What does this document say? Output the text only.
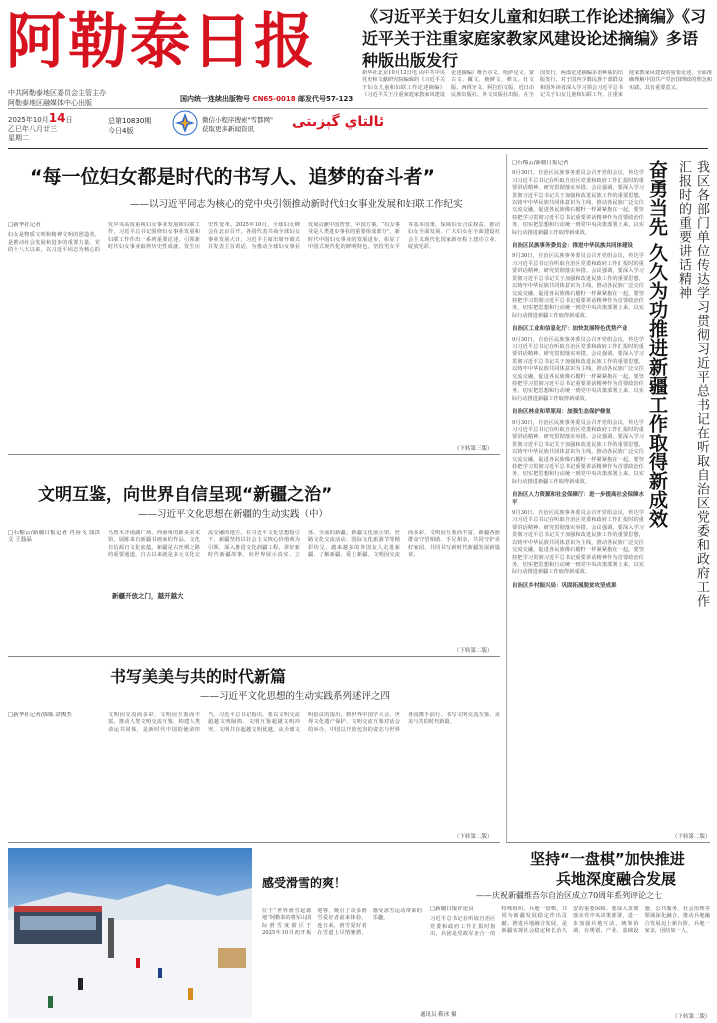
阿勒泰日报
中共阿勒泰地区委员会主管主办
阿勒泰地区融媒体中心出版	国内统一连续出版物号 CN65-0018 邮发代号57-123
2025年10月14日
乙巳年八月廿三
星期二
总第10830期
今日4版
微信小程序搜索"雪都网"
获取更多新闻资讯	ئالتاي گېزىتى
《习近平关于妇女儿童和妇联工作论述摘编》《习近平关于注重家庭家教家风建设论述摘编》多语种版出版发行
新华社北京10月12日电 由中共中央党史和文献研究院编辑的《习近平关于妇女儿童和妇联工作论述摘编》《习近平关于注重家庭家教家风建设论述摘编》维吾尔文、哈萨克文、蒙古文、藏文、朝鲜文、彝文、壮文版，西班牙文、阿拉伯文版，近日由民族出版社、外文出版社出版，在全国发行。两部论述摘编多语种版的出版发行，对于国内少数民族干部群众和国外读者深入学习领会习近平总书记关于妇女儿童和妇联工作、注重家庭家教家风建设的重要论述，全面准确理解中国共产党治国理政的理念和实践，具有重要意义。
“每一位妇女都是时代的书写人、追梦的奋斗者”
——以习近平同志为核心的党中央引领推动新时代妇女事业发展和妇联工作纪实
□新华社记者
妇女是物质文明和精神文明的创造者，是推动社会发展和进步的重要力量。党的十八大以来，以习近平同志为核心的党中央高度重视妇女事业发展和妇联工作，习近平总书记围绕妇女事业发展和妇联工作作出一系列重要论述，引领新时代妇女事业取得历史性成就、发生历史性变革。2025年10月，全球妇女峰会在北京召开，各国代表共商全球妇女事业发展大计，习近平主席出席开幕式并发表主旨讲话，为推动全球妇女事业发展贡献中国智慧、中国方案。“妇女事业是人类进步事业的重要组成部分”，新时代中国妇女事业的发展进步，彰显了中国式现代化的鲜明特色。坚持男女平等基本国策，保障妇女合法权益，推动妇女全面发展，广大妇女在全面建设社会主义现代化国家新征程上建功立业、绽放光彩。
（下转第三版）
文明互鉴，向世界自信呈现“新疆之治”
——习近平文化思想在新疆的生动实践（中）
□石榴云/新疆日报记者 肖春飞 钱洪文 王磊晶
乌鲁木齐南湖广场，西南角的新美美术馆，展陈来自新疆书画家的作品。文化自信源自文化底蕴。新疆是古丝绸之路的重要通道，自古以来就是多元文化交流交融的地方。在习近平文化思想指引下，新疆坚持以社会主义核心价值观为引领，深入推进文化润疆工程，讲好新时代新疆故事，向世界展示真实、立体、全面的新疆。新疆文化展示馆、丝路文化交流活动、国际文化旅游节等精彩纷呈，越来越多的外国友人走进新疆、了解新疆、爱上新疆。文明因交流而多彩，文明因互鉴而丰富。新疆各族群众守望相助、手足相亲，共同守护美好家园，共同书写新时代新疆发展新篇章。
新疆开放之门，越开越大
（下转第二版）
书写美美与共的时代新篇
——习近平文化思想的生动实践系列述评之四
□新华社记者/那威 余俊杰	文明因交流而多彩，文明因互鉴而丰富。推动人类文明交流互鉴，构建人类命运共同体，是新时代中国的使命担当。习近平总书记指出，要以文明交流超越文明隔阂、文明互鉴超越文明冲突、文明共存超越文明优越。从全球文明倡议的提出，到世界中国学大会、世界文化遗产保护、文明交流互鉴对话会的举办，中国以开放包容的姿态与世界各国携手前行，书写文明交流互鉴、美美与共的时代新篇。
（下转第二版）
感受滑雪的爽！
位于“世界滑雪起源地”阿勒泰的将军山国际滑雪度假区于2025年10月初开板迎客，吸引了众多滑雪爱好者前来体验。连日来，滑雪爱好者在雪道上尽情驰骋，感受冰雪运动带来的乐趣。
通讯员 靳冰 摄
□石榴云/新疆日报记者
9月30日，自治区民族事务委员会召开党组会议，传达学习习近平总书记在听取自治区党委和政府工作汇报时的重要讲话精神，研究贯彻落实举措。会议强调，要深入学习贯彻习近平总书记关于加强和改进民族工作的重要思想，以铸牢中华民族共同体意识为主线，推动各民族广泛交往交流交融，促进各民族像石榴籽一样紧紧抱在一起。要坚持把学习贯彻习近平总书记重要讲话精神作为首要政治任务，切实把思想和行动统一到党中央决策部署上来，以实际行动推进新疆工作取得新成效。
自治区民族事务委员会：推进中华民族共同体建设
9月30日，自治区民族事务委员会召开党组会议，传达学习习近平总书记在听取自治区党委和政府工作汇报时的重要讲话精神，研究贯彻落实举措。会议强调，要深入学习贯彻习近平总书记关于加强和改进民族工作的重要思想，以铸牢中华民族共同体意识为主线，推动各民族广泛交往交流交融，促进各民族像石榴籽一样紧紧抱在一起。要坚持把学习贯彻习近平总书记重要讲话精神作为首要政治任务，切实把思想和行动统一到党中央决策部署上来，以实际行动推进新疆工作取得新成效。
自治区工业和信息化厅：加快发展特色优势产业
9月30日，自治区民族事务委员会召开党组会议，传达学习习近平总书记在听取自治区党委和政府工作汇报时的重要讲话精神，研究贯彻落实举措。会议强调，要深入学习贯彻习近平总书记关于加强和改进民族工作的重要思想，以铸牢中华民族共同体意识为主线，推动各民族广泛交往交流交融，促进各民族像石榴籽一样紧紧抱在一起。要坚持把学习贯彻习近平总书记重要讲话精神作为首要政治任务，切实把思想和行动统一到党中央决策部署上来，以实际行动推进新疆工作取得新成效。
自治区林业和草原局：加强生态保护修复
9月30日，自治区民族事务委员会召开党组会议，传达学习习近平总书记在听取自治区党委和政府工作汇报时的重要讲话精神，研究贯彻落实举措。会议强调，要深入学习贯彻习近平总书记关于加强和改进民族工作的重要思想，以铸牢中华民族共同体意识为主线，推动各民族广泛交往交流交融，促进各民族像石榴籽一样紧紧抱在一起。要坚持把学习贯彻习近平总书记重要讲话精神作为首要政治任务，切实把思想和行动统一到党中央决策部署上来，以实际行动推进新疆工作取得新成效。
自治区人力资源和社会保障厅：进一步提高社会保障水平
9月30日，自治区民族事务委员会召开党组会议，传达学习习近平总书记在听取自治区党委和政府工作汇报时的重要讲话精神，研究贯彻落实举措。会议强调，要深入学习贯彻习近平总书记关于加强和改进民族工作的重要思想，以铸牢中华民族共同体意识为主线，推动各民族广泛交往交流交融，促进各民族像石榴籽一样紧紧抱在一起。要坚持把学习贯彻习近平总书记重要讲话精神作为首要政治任务，切实把思想和行动统一到党中央决策部署上来，以实际行动推进新疆工作取得新成效。
自治区乡村振兴局：巩固拓展脱贫攻坚成果
奋勇当先 久久为功推进新疆工作取得新成效	我区各部门单位传达学习贯彻习近平总书记在听取自治区党委和政府工作汇报时的重要讲话精神
（下转第二版）
坚持“一盘棋”加快推进
兵地深度融合发展
——庆祝新疆维吾尔自治区成立70周年系列评论之七
□新疆日报评论员
习近平总书记在听取自治区党委和政府工作汇报时指出，兵团是党政军企合一的特殊组织，兵地一盘棋，共同为新疆发展稳定作出贡献。推进兵地融合发展，是新疆实现社会稳定和长治久安的重要保障。要深入贯彻落实党中央决策部署，进一步加强兵地互动、统筹协调，在规划、产业、基础设施、公共服务、社会治理等领域深化融合，推动兵地融合发展迈上新台阶。兵地一家亲，团结如一人。
（下转第二版）
